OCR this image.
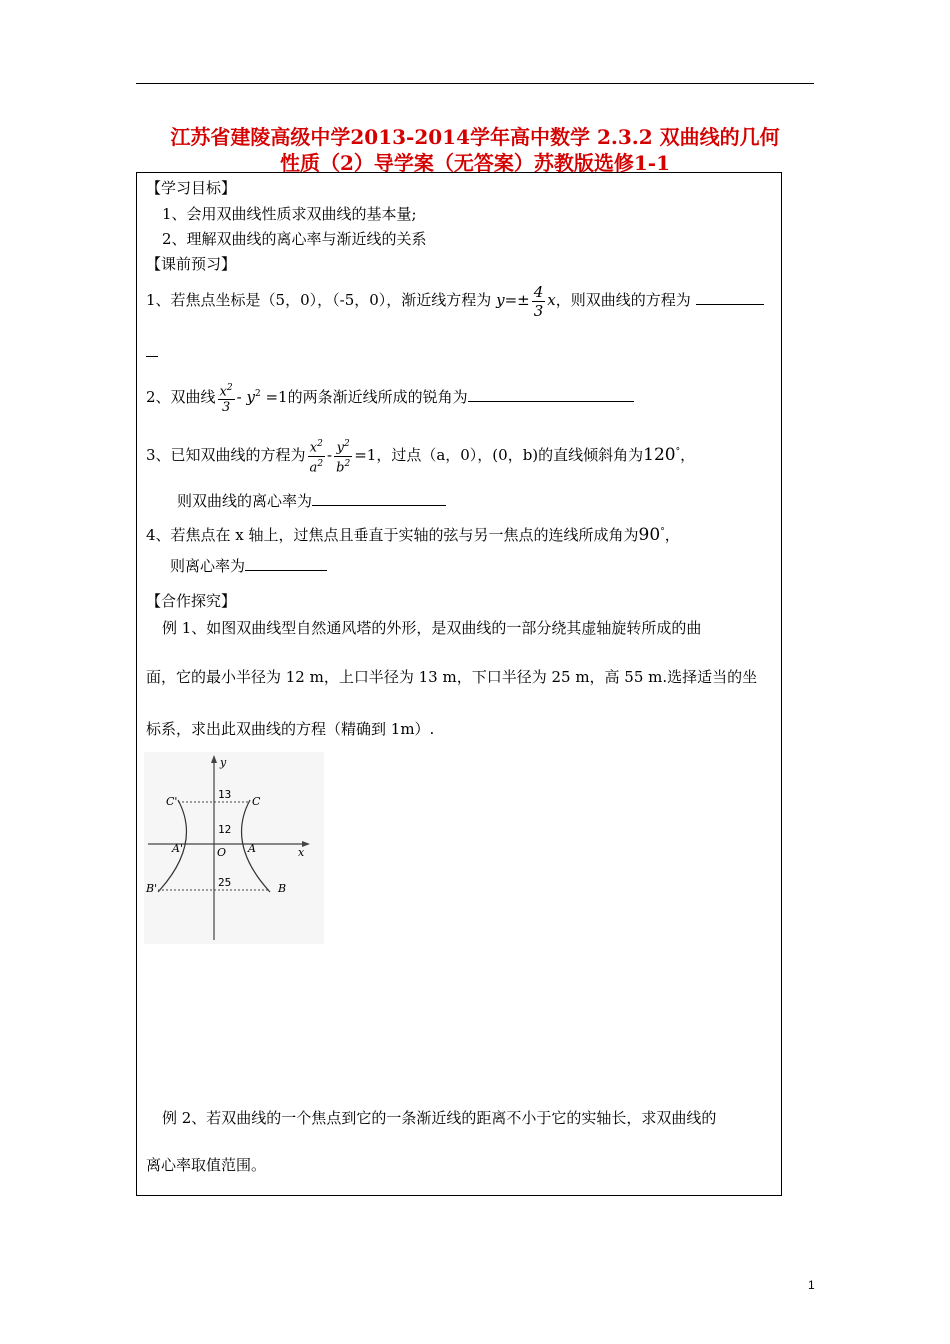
江苏省建陵高级中学2013-2014学年高中数学 2.3.2 双曲线的几何
性质（2）导学案（无答案）苏教版选修1-1
【学习目标】
1、会用双曲线性质求双曲线的基本量;
2、理解双曲线的离心率与渐近线的关系
【课前预习】
1、若焦点坐标是（5，0），（-5，0），渐近线方程为 $y=\pm \frac{4}{3}$ x，则双曲线的方程为
2、双曲线 $\frac{x^2}{3} - y^2 =1$的两条渐近线所成的锐角为
3、已知双曲线的方程为 $\frac{x^2}{a^2} - \frac{y^2}{b^2} =1$，过点（a，0），(0，b)的直线倾斜角为120°，
则双曲线的离心率为
4、若焦点在 x 轴上，过焦点且垂直于实轴的弦与另一焦点的连线所成角为90°，
则离心率为
【合作探究】
例 1、如图双曲线型自然通风塔的外形，是双曲线的一部分绕其虚轴旋转所成的曲
面，它的最小半径为 12 m，上口半径为 13 m，下口半径为 25 m，高 55 m.选择适当的坐
标系，求出此双曲线的方程（精确到 1m）.
y
x
O
C'	C
A'	A
B'	B
13
12
25
例 2、若双曲线的一个焦点到它的一条渐近线的距离不小于它的实轴长，求双曲线的
离心率取值范围。
1
